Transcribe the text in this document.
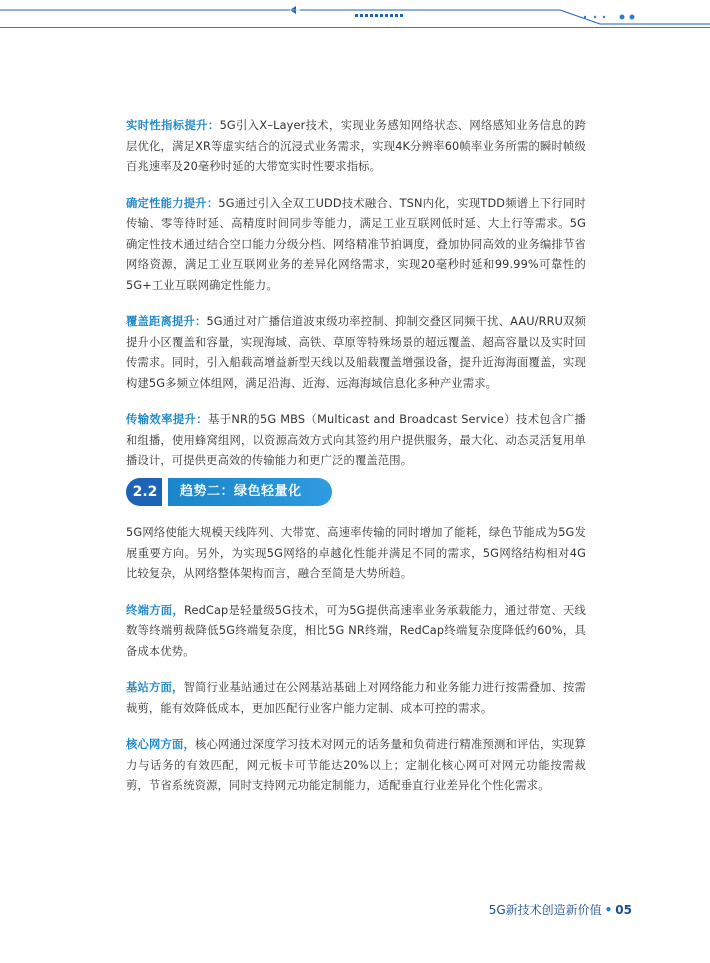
实时性指标提升：5G引入X–Layer技术，实现业务感知网络状态、网络感知业务信息的跨层优化，满足XR等虚实结合的沉浸式业务需求，实现4K分辨率60帧率业务所需的瞬时帧级百兆速率及20毫秒时延的大带宽实时性要求指标。

确定性能力提升：5G通过引入全双工UDD技术融合、TSN内化，实现TDD频谱上下行同时传输、零等待时延、高精度时间同步等能力，满足工业互联网低时延、大上行等需求。5G确定性技术通过结合空口能力分级分档、网络精准节拍调度，叠加协同高效的业务编排节省网络资源，满足工业互联网业务的差异化网络需求，实现20毫秒时延和99.99%可靠性的5G+工业互联网确定性能力。

覆盖距离提升：5G通过对广播信道波束级功率控制、抑制交叠区同频干扰、AAU/RRU双频提升小区覆盖和容量，实现海域、高铁、草原等特殊场景的超远覆盖、超高容量以及实时回传需求。同时，引入船载高增益新型天线以及船载覆盖增强设备，提升近海海面覆盖，实现构建5G多频立体组网，满足沿海、近海、远海海域信息化多种产业需求。

传输效率提升：基于NR的5G MBS（Multicast and Broadcast Service）技术包含广播和组播，使用蜂窝组网，以资源高效方式向其签约用户提供服务，最大化、动态灵活复用单播设计，可提供更高效的传输能力和更广泛的覆盖范围。

2.2	趋势二：绿色轻量化

5G网络使能大规模天线阵列、大带宽、高速率传输的同时增加了能耗，绿色节能成为5G发展重要方向。另外，为实现5G网络的卓越化性能并满足不同的需求，5G网络结构相对4G比较复杂，从网络整体架构而言，融合至简是大势所趋。

终端方面，RedCap是轻量级5G技术，可为5G提供高速率业务承载能力，通过带宽、天线数等终端剪裁降低5G终端复杂度，相比5G NR终端，RedCap终端复杂度降低约60%，具备成本优势。

基站方面，智简行业基站通过在公网基站基础上对网络能力和业务能力进行按需叠加、按需裁剪，能有效降低成本，更加匹配行业客户能力定制、成本可控的需求。

核心网方面，核心网通过深度学习技术对网元的话务量和负荷进行精准预测和评估，实现算力与话务的有效匹配，网元板卡可节能达20%以上；定制化核心网可对网元功能按需裁剪，节省系统资源，同时支持网元功能定制能力，适配垂直行业差异化个性化需求。

5G新技术创造新价值 • 05
